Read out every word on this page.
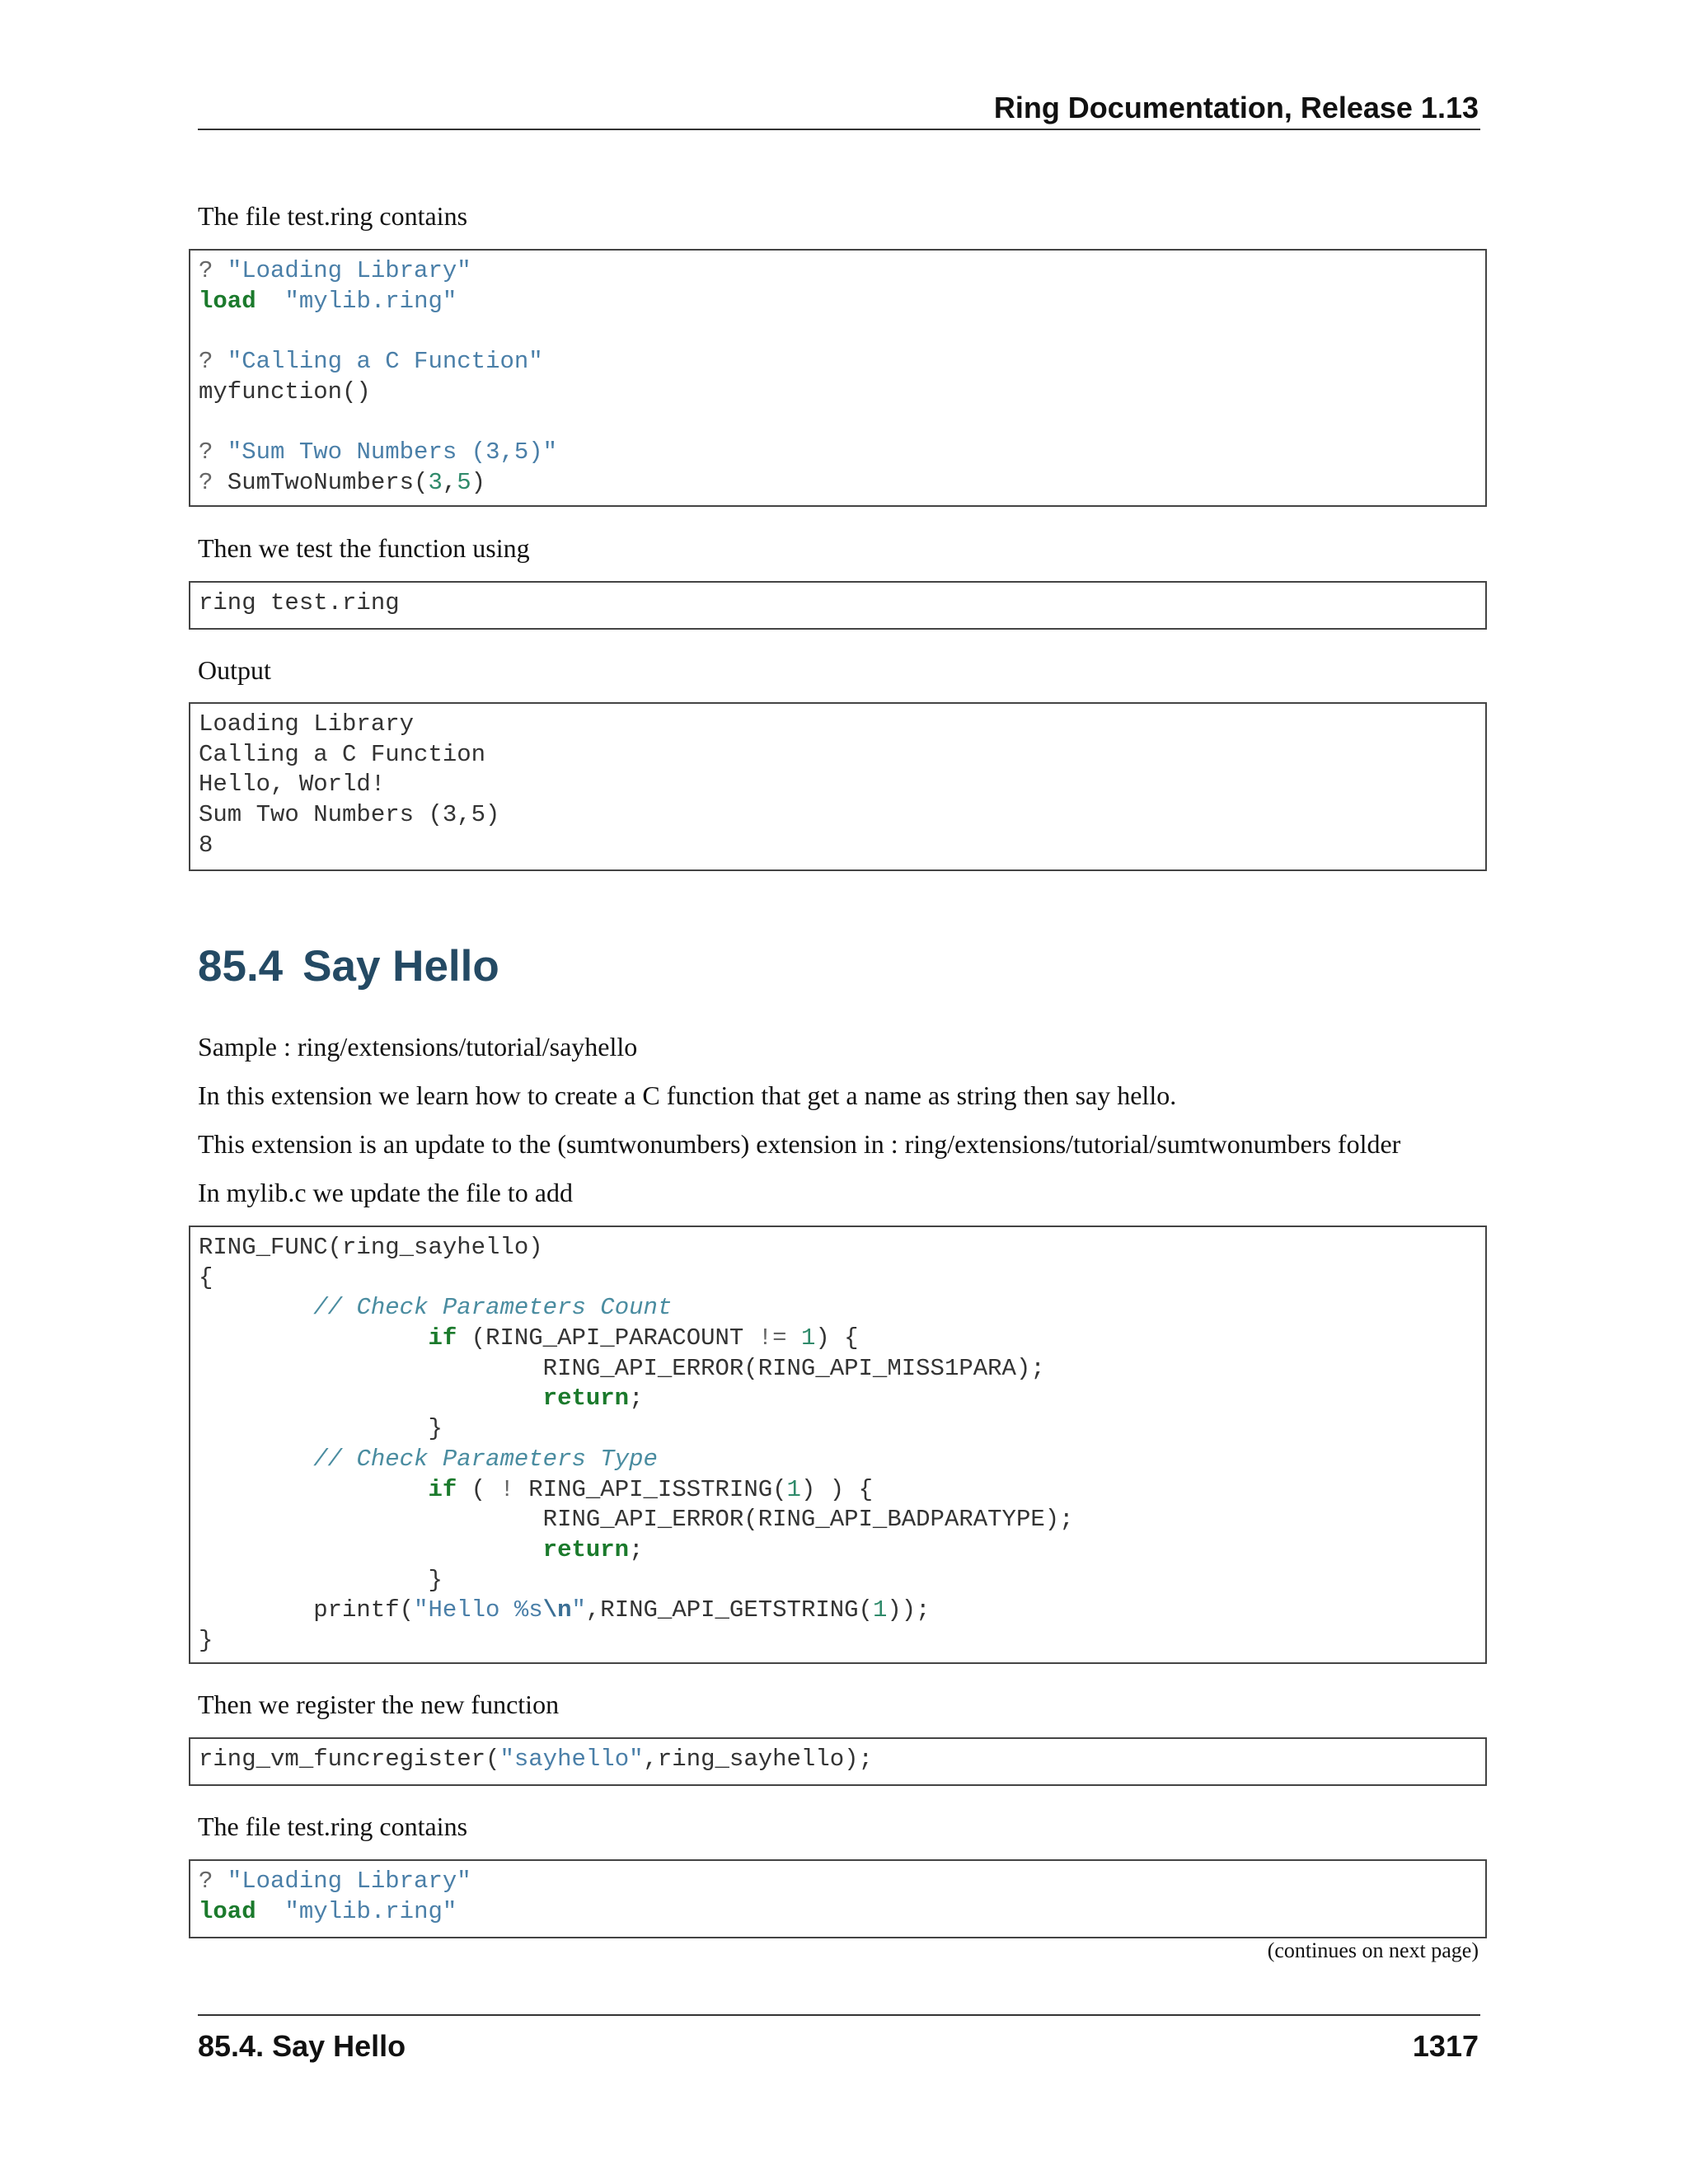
Ring Documentation, Release 1.13
The file test.ring contains
? "Loading Library"
load "mylib.ring"
? "Calling a C Function"
myfunction()
? "Sum Two Numbers (3,5)"
? SumTwoNumbers(3,5)
Then we test the function using
ring test.ring
Output
Loading Library
Calling a C Function
Hello, World!
Sum Two Numbers (3,5)
8
85.4 Say Hello
Sample : ring/extensions/tutorial/sayhello
In this extension we learn how to create a C function that get a name as string then say hello.
This extension is an update to the (sumtwonumbers) extension in : ring/extensions/tutorial/sumtwonumbers folder
In mylib.c we update the file to add
RING_FUNC(ring_sayhello)
{
// Check Parameters Count
if (RING_API_PARACOUNT != 1) {
RING_API_ERROR(RING_API_MISS1PARA);
return;
}
// Check Parameters Type
if ( ! RING_API_ISSTRING(1) ) {
RING_API_ERROR(RING_API_BADPARATYPE);
return;
}
printf("Hello %s\n",RING_API_GETSTRING(1));
}
Then we register the new function
ring_vm_funcregister("sayhello",ring_sayhello);
The file test.ring contains
? "Loading Library"
load "mylib.ring"
(continues on next page)
85.4. Say Hello	1317
